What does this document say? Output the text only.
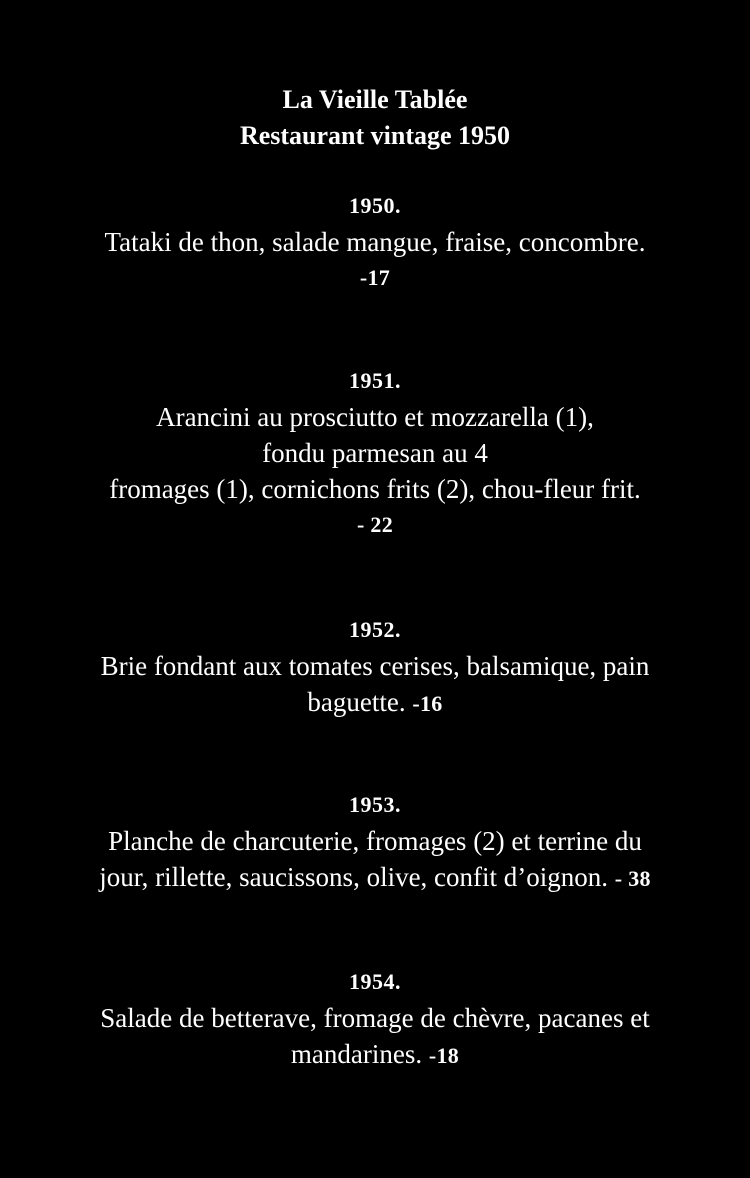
La Vieille Tablée
Restaurant vintage 1950
1950.
Tataki de thon, salade mangue, fraise, concombre.
-17
1951.
Arancini au prosciutto et mozzarella (1),
fondu parmesan au 4
fromages (1), cornichons frits (2), chou-fleur frit.
- 22
1952.
Brie fondant aux tomates cerises, balsamique, pain
baguette. -16
1953.
Planche de charcuterie, fromages (2) et terrine du
jour, rillette, saucissons, olive, confit d’oignon. - 38
1954.
Salade de betterave, fromage de chèvre, pacanes et
mandarines. -18
